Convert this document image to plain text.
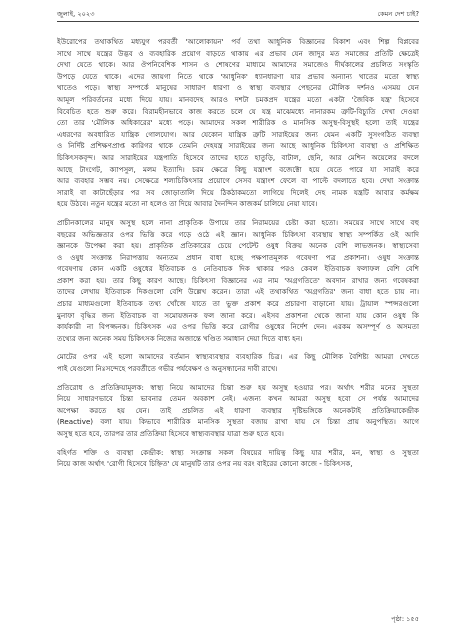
জুলাই, ২০২৩	কেমন দেশ চাই?

ইউরোপের তথাকথিত মধ্যযুগ পরবর্তী 'আলোকায়ন' পর্ব তথা আধুনিক বিজ্ঞানের বিকাশ এবং শিল্প বিপ্লবের
সাথে সাথে যন্ত্রের উদ্ভব ও ব্যবহারিক প্রয়োগ বাড়তে থাকায় এর প্রভাব যেন জাদুর মত সমাজের প্রতিটি ক্ষেত্রেই
দেখা যেতে থাকে। আর ঔপনিবেশিক শাসন ও শোষণের মাধ্যমে আমাদের সমাজেও দীর্ঘকালের প্রচলিত সংস্কৃতি
উপড়ে যেতে থাকে। এদের জায়গা নিতে থাকে 'আধুনিক' ধ্যানধারণা যার প্রভাব অন্যান্য খাতের মতো স্বাস্থ্য
খাতেও পড়ে। স্বাস্থ্য সম্পর্কে মানুষের সাধারণ ধারণা ও স্বাস্থ্য ব্যবস্থার পেছনের মৌলিক দর্শনও এসময় যেন
আমূল পরিবর্তনের মধ্যে দিয়ে যায়। মানবদেহ আরও দশটা চমকপ্রদ যন্ত্রের মতো একটা 'জৈবিক যন্ত্র' হিসেবে
বিবেচিত হতে শুরু করে। বিরামহীনভাবে কাজ করতে চলে যে যন্ত্র মাঝেমধ্যে নানারকম ত্রুটি-বিচ্যুতি দেখা দেওয়া
তো তার 'মৌলিক অধিকারের' মধ্যে পড়ে। আমাদের সকল শারীরিক ও মানসিক অসুস্থ-বিসুস্থই হলো তাই যন্ত্রের
এধরণের অবধারিত যান্ত্রিক গোলযোগ। আর যেকোন যান্ত্রিক ত্রুটি সারাইয়ের জন্য যেমন একটি সুসংগঠিত ব্যবস্থা
ও নির্দিষ্ট প্রশিক্ষণপ্রাপ্ত কারিগর থাকে তেমনি দেহযন্ত্র সারাইয়ের জন্য আছে আধুনিক চিকিৎসা ব্যবস্থা ও প্রশিক্ষিত
চিকিৎসকবৃন্দ। আর সারাইয়ের যন্ত্রপাতি হিসেবে তাদের হাতে হাতুড়ি, বাটাল, ছেনি, আর মেশিন অয়েলের বদলে
আছে টাংগেট, ক্যাপসুল, মলম ইত্যাদি। চরম ক্ষেত্রে কিছু যন্ত্রাংশ বজেক্টো হয়ে যেতে পারে যা সারাই করে
আর ব্যবহার সম্ভব নয়। সেক্ষেত্রে শল্যচিকিৎসার প্রয়োগে সেসব যন্ত্রাংশ ফেলে বা পাল্টে বদলাতে হবে। দেখা সংক্রান্ত
সারাই বা কাটাছেঁড়ার পর সব জোড়াতালি দিয়ে ঠিকঠাকমতো লাগিয়ে দিলেই দেহ নামক যন্ত্রটি আবার কর্মক্ষম
হয়ে উঠবে। নতুন যন্ত্রের মতো না হলেও তা দিয়ে আবার দৈনন্দিন কাজকর্ম চালিয়ে নেয়া যাবে।

প্রাচীনকালের মানুষ অসুস্থ হলে নানা প্রাকৃতিক উপায়ে তার নিরাময়ের চেষ্টা করা হতো। সময়ের সাথে সাথে বহু
বছরের অভিজ্ঞতার ওপর ভিত্তি করে গড়ে ওঠে এই জ্ঞান। আধুনিক চিকিৎসা ব্যবস্থায় স্বাস্থ্য সম্পর্কিত ওই আদি
জ্ঞানকে উপেক্ষা করা হয়। প্রাকৃতিক প্রতিকারের চেয়ে পেটেন্ট ওষুধ বিক্রয় অনেক বেশি লাভজনক। স্বাস্থ্যসেবা
ও ওষুধ সংক্রান্ত নিরাপত্তায় অন্যতম প্রধান বাধা হচ্ছে পক্ষপাতমূলক গবেষণা পত্র প্রকাশনা। ওষুধ সংক্রান্ত
গবেষণায় কোন একটি ওষুধের ইতিবাচক ও নেতিবাচক দিক থাকার পরও কেবল ইতিবাচক ফলাফল বেশি বেশি
প্রকাশ করা হয়। তার কিছু কারণ আছে। চিকিৎসা বিজ্ঞানের এর নাম 'অগ্রগতিতে' অবদান রাখার জন্য গবেষকরা
তাদের লেখায় ইতিবাচক দিকগুলো বেশি উল্লেখ করেন। তারা এই তথাকথিত 'অগ্রগতির' জন্য বাধা হতে চায় না।
প্রচার মাধ্যমগুলো ইতিবাচক তথ্য খোঁজে যাতে তা ভুক্ত প্রকাশ করে প্রচারণা বাড়ানো যায়। ট্রায়াল স্পন্সরগুলো
মুনাফা বৃদ্ধির জন্য ইতিবাচক বা সমোয়জনক ফল জানা করে। এইসব প্রকাশনা থেকে জানা যায় কোন ওষুধ কি
কার্যকারী না বিপজ্জনক। চিকিৎসক এর ওপর ভিত্তি করে রোগীর ওষুধের নির্দেশ দেন। এরকম অসম্পূর্ণ ও অসমতা
তথ্যের জন্য অনেক সময় চিকিৎসক নিজের অজান্তে খণ্ডিত সমাধান দেয়া দিতে বাধ্য হন।

মোটের ওপর এই হলো আমাদের বর্তমান স্বাস্থ্যব্যবস্থার ব্যবহারিক চিত্র। এর কিছু মৌলিক বৈশিষ্ট্য আমরা দেখতে
পাই যেগুলো নিঃসন্দেহে পরবর্তীতে গভীর পর্যবেক্ষণ ও অনুসন্ধানের দাবী রাখে।

প্রতিরোধ ও প্রতিক্রিয়ামূলক: স্বাস্থ্য নিয়ে আমাদের চিন্তা শুরু হয় অসুস্থ হওয়ার পর। অর্থাৎ শরীর মনের সুস্থতা
নিয়ে সাধারণভাবে চিন্তা ভাবনার তেমন অবকাশ নেই। এজন্য কখন আমরা অসুস্থ হবো সে পর্যন্ত আমাদের
অপেক্ষা করতে হয় যেন। তাই প্রচলিত এই ধারণা ব্যবস্থার দৃষ্টিভঙ্গিকে অনেকটাই প্রতিক্রিয়াকেন্দ্রীক
(Reactive) বলা যায়। কিভাবে শারীরিক মানসিক সুস্থতা বজায় রাখা যায় সে চিন্তা প্রায় অনুপস্থিত। আগে
অসুস্থ হতে হবে, তারপর তার প্রতিক্রিয়া হিসেবে স্বাস্থ্যব্যবস্থার যাত্রা শুরু হতে হবে।

বহির্গত শক্তি ও ব্যবস্থা কেন্দ্রীক: স্বাস্থ্য সংক্রান্ত সকল বিষয়ের দায়িত্ব কিছু যার শরীর, মন, স্বাস্থ্য ও সুস্থতা
নিয়ে কাজ অর্থাৎ 'রোগী হিসেবে চিহ্নিত' যে মানুষটি তার ওপর নয় বরং বাইরের কোনো কাজে - চিকিৎসক,

পৃষ্ঠা: ১৫৫
